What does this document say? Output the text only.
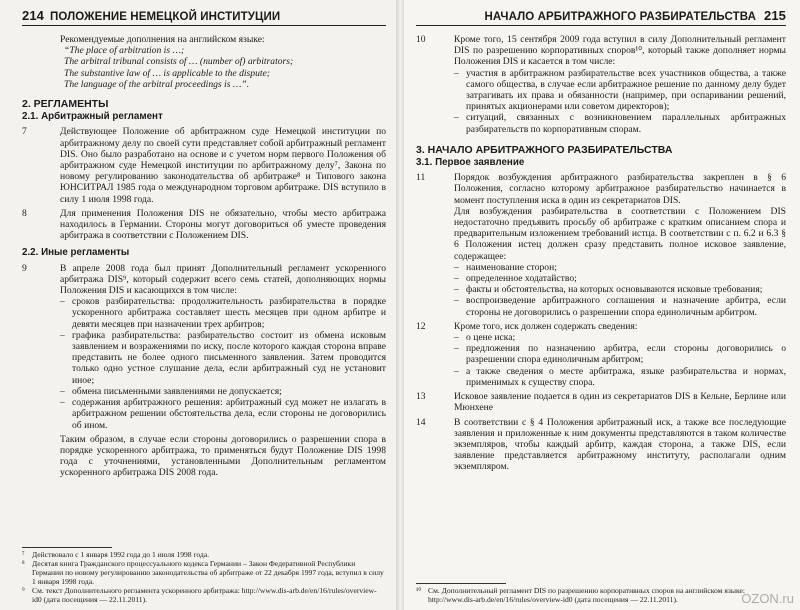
214 ПОЛОЖЕНИЕ НЕМЕЦКОЙ ИНСТИТУЦИИ

Рекомендуемые дополнения на английском языке:

“The place of arbitration is …;

The arbitral tribunal consists of … (number of) arbitrators;

The substantive law of … is applicable to the dispute;

The language of the arbitral proceedings is …”.

2. РЕГЛАМЕНТЫ
2.1. Арбитражный регламент
7	Действующее Положение об арбитражном суде Немецкой институции по арбитражному делу по своей сути представляет собой арбитражный регламент DIS. Оно было разработано на основе и с учетом норм первого Положения об арбитражном суде Немецкой институции по арбитражному делу⁷, Закона по новому регулированию законодательства об арбитраже⁸ и Типового закона ЮНСИТРАЛ 1985 года о международном торговом арбитраже. DIS вступило в силу 1 июля 1998 года.

8	Для применения Положения DIS не обязательно, чтобы место арбитража находилось в Германии. Стороны могут договориться об уместе проведения арбитража в соответствии с Положением DIS.

2.2. Иные регламенты
9	В апреле 2008 года был принят Дополнительный регламент ускоренного арбитража DIS⁹, который содержит всего семь статей, дополняющих нормы Положения DIS и касающихся в том числе:

– сроков разбирательства: продолжительность разбирательства в порядке ускоренного арбитража составляет шесть месяцев при одном арбитре и девяти месяцев при назначении трех арбитров;
– графика разбирательства: разбирательство состоит из обмена исковым заявлением и возражениями по иску, после которого каждая сторона вправе представить не более одного письменного заявления. Затем проводится только одно устное слушание дела, если арбитражный суд не установит иное;
– обмена письменными заявлениями не допускается;
– содержания арбитражного решения: арбитражный суд может не излагать в арбитражном решении обстоятельства дела, если стороны не договорились об ином.

Таким образом, в случае если стороны договорились о разрешении спора в порядке ускоренного арбитража, то применяться будут Положение DIS 1998 года с уточнениями, установленными Дополнительным регламентом ускоренного арбитража DIS 2008 года.

⁷ Действовало с 1 января 1992 года до 1 июля 1998 года.
⁸ Десятая книга Гражданского процессуального кодекса Германии – Закон Федеративной Республики Германии по новому регулированию законодательства об арбитраже от 22 декабря 1997 года, вступил в силу 1 января 1998 года.
⁹ См. текст Дополнительного регламента ускоренного арбитража: http://www.dis-arb.de/en/16/rules/overview-id0 (дата посещения — 22.11.2011).
НАЧАЛО АРБИТРАЖНОГО РАЗБИРАТЕЛЬСТВА 215
10	Кроме того, 15 сентября 2009 года вступил в силу Дополнительный регламент DIS по разрешению корпоративных споров¹⁰, который также дополняет нормы Положения DIS и касается в том числе:

– участия в арбитражном разбирательстве всех участников общества, а также самого общества, в случае если арбитражное решение по данному делу будет затрагивать их права и обязанности (например, при оспаривании решений, принятых акционерами или советом директоров);
– ситуаций, связанных с возникновением параллельных арбитражных разбирательств по корпоративным спорам.
3. НАЧАЛО АРБИТРАЖНОГО РАЗБИРАТЕЛЬСТВА
3.1. Первое заявление
11	Порядок возбуждения арбитражного разбирательства закреплен в § 6 Положения, согласно которому арбитражное разбирательство начинается в момент поступления иска в один из секретариатов DIS.

Для возбуждения разбирательства в соответствии с Положением DIS недостаточно предъявить просьбу об арбитраже с кратким описанием спора и предварительным изложением требований истца. В соответствии с п. 6.2 и 6.3 § 6 Положения истец должен сразу представить полное исковое заявление, содержащее:

– наименование сторон;
– определенное ходатайство;
– факты и обстоятельства, на которых основываются исковые требования;
– воспроизведение арбитражного соглашения и назначение арбитра, если стороны не договорились о разрешении спора единоличным арбитром.
12	Кроме того, иск должен содержать сведения:

– о цене иска;
– предложения по назначению арбитра, если стороны договорились о разрешении спора единоличным арбитром;
– а также сведения о месте арбитража, языке разбирательства и нормах, применимых к существу спора.
13	Исковое заявление подается в один из секретариатов DIS в Кельне, Берлине или Мюнхене

14	В соответствии с § 4 Положения арбитражный иск, а также все последующие заявления и приложенные к ним документы представляются в таком количестве экземпляров, чтобы каждый арбитр, каждая сторона, а также DIS, если заявление представляется арбитражному институту, располагали одним экземпляром.

¹⁰ См. Дополнительный регламент DIS по разрешению корпоративных споров на английском языке: http://www.dis-arb.de/en/16/rules/overview-id0 (дата посещения — 22.11.2011).	OZON.ru
